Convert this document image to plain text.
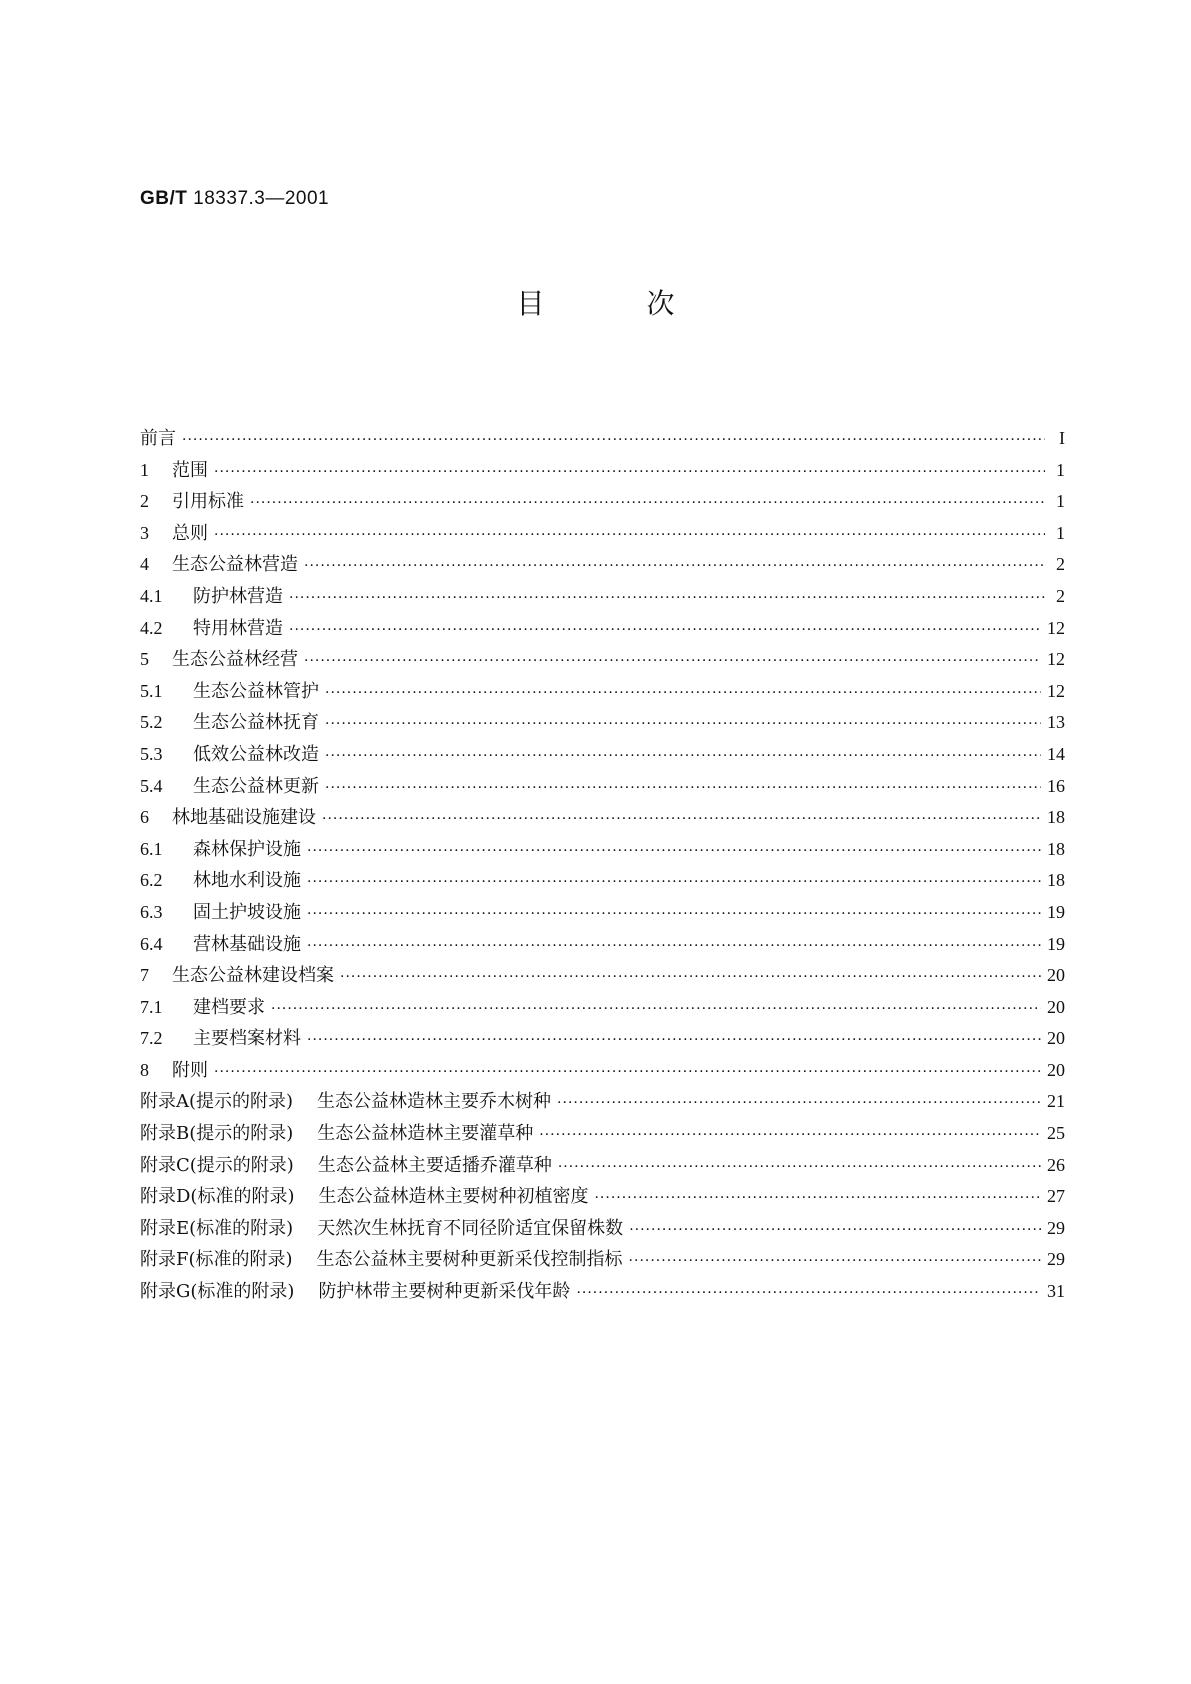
GB/T 18337.3—2001
目次
前言 ·····	I
1	范围 ·····	1
2	引用标准 ·····	1
3	总则 ·····	1
4	生态公益林营造 ·····	2
4.1	防护林营造 ·····	2
4.2	特用林营造 ·····	12
5	生态公益林经营 ·····	12
5.1	生态公益林管护 ·····	12
5.2	生态公益林抚育 ·····	13
5.3	低效公益林改造 ·····	14
5.4	生态公益林更新 ·····	16
6	林地基础设施建设 ·····	18
6.1	森林保护设施 ·····	18
6.2	林地水利设施 ·····	18
6.3	固土护坡设施 ·····	19
6.4	营林基础设施 ·····	19
7	生态公益林建设档案 ·····	20
7.1	建档要求 ·····	20
7.2	主要档案材料 ·····	20
8	附则 ·····	20
附录A(提示的附录) 生态公益林造林主要乔木树种 ·····	21
附录B(提示的附录) 生态公益林造林主要灌草种 ·····	25
附录C(提示的附录) 生态公益林主要适播乔灌草种 ·····	26
附录D(标准的附录) 生态公益林造林主要树种初植密度 ·····	27
附录E(标准的附录) 天然次生林抚育不同径阶适宜保留株数 ·····	29
附录F(标准的附录) 生态公益林主要树种更新采伐控制指标 ·····	29
附录G(标准的附录) 防护林带主要树种更新采伐年龄 ·····	31
